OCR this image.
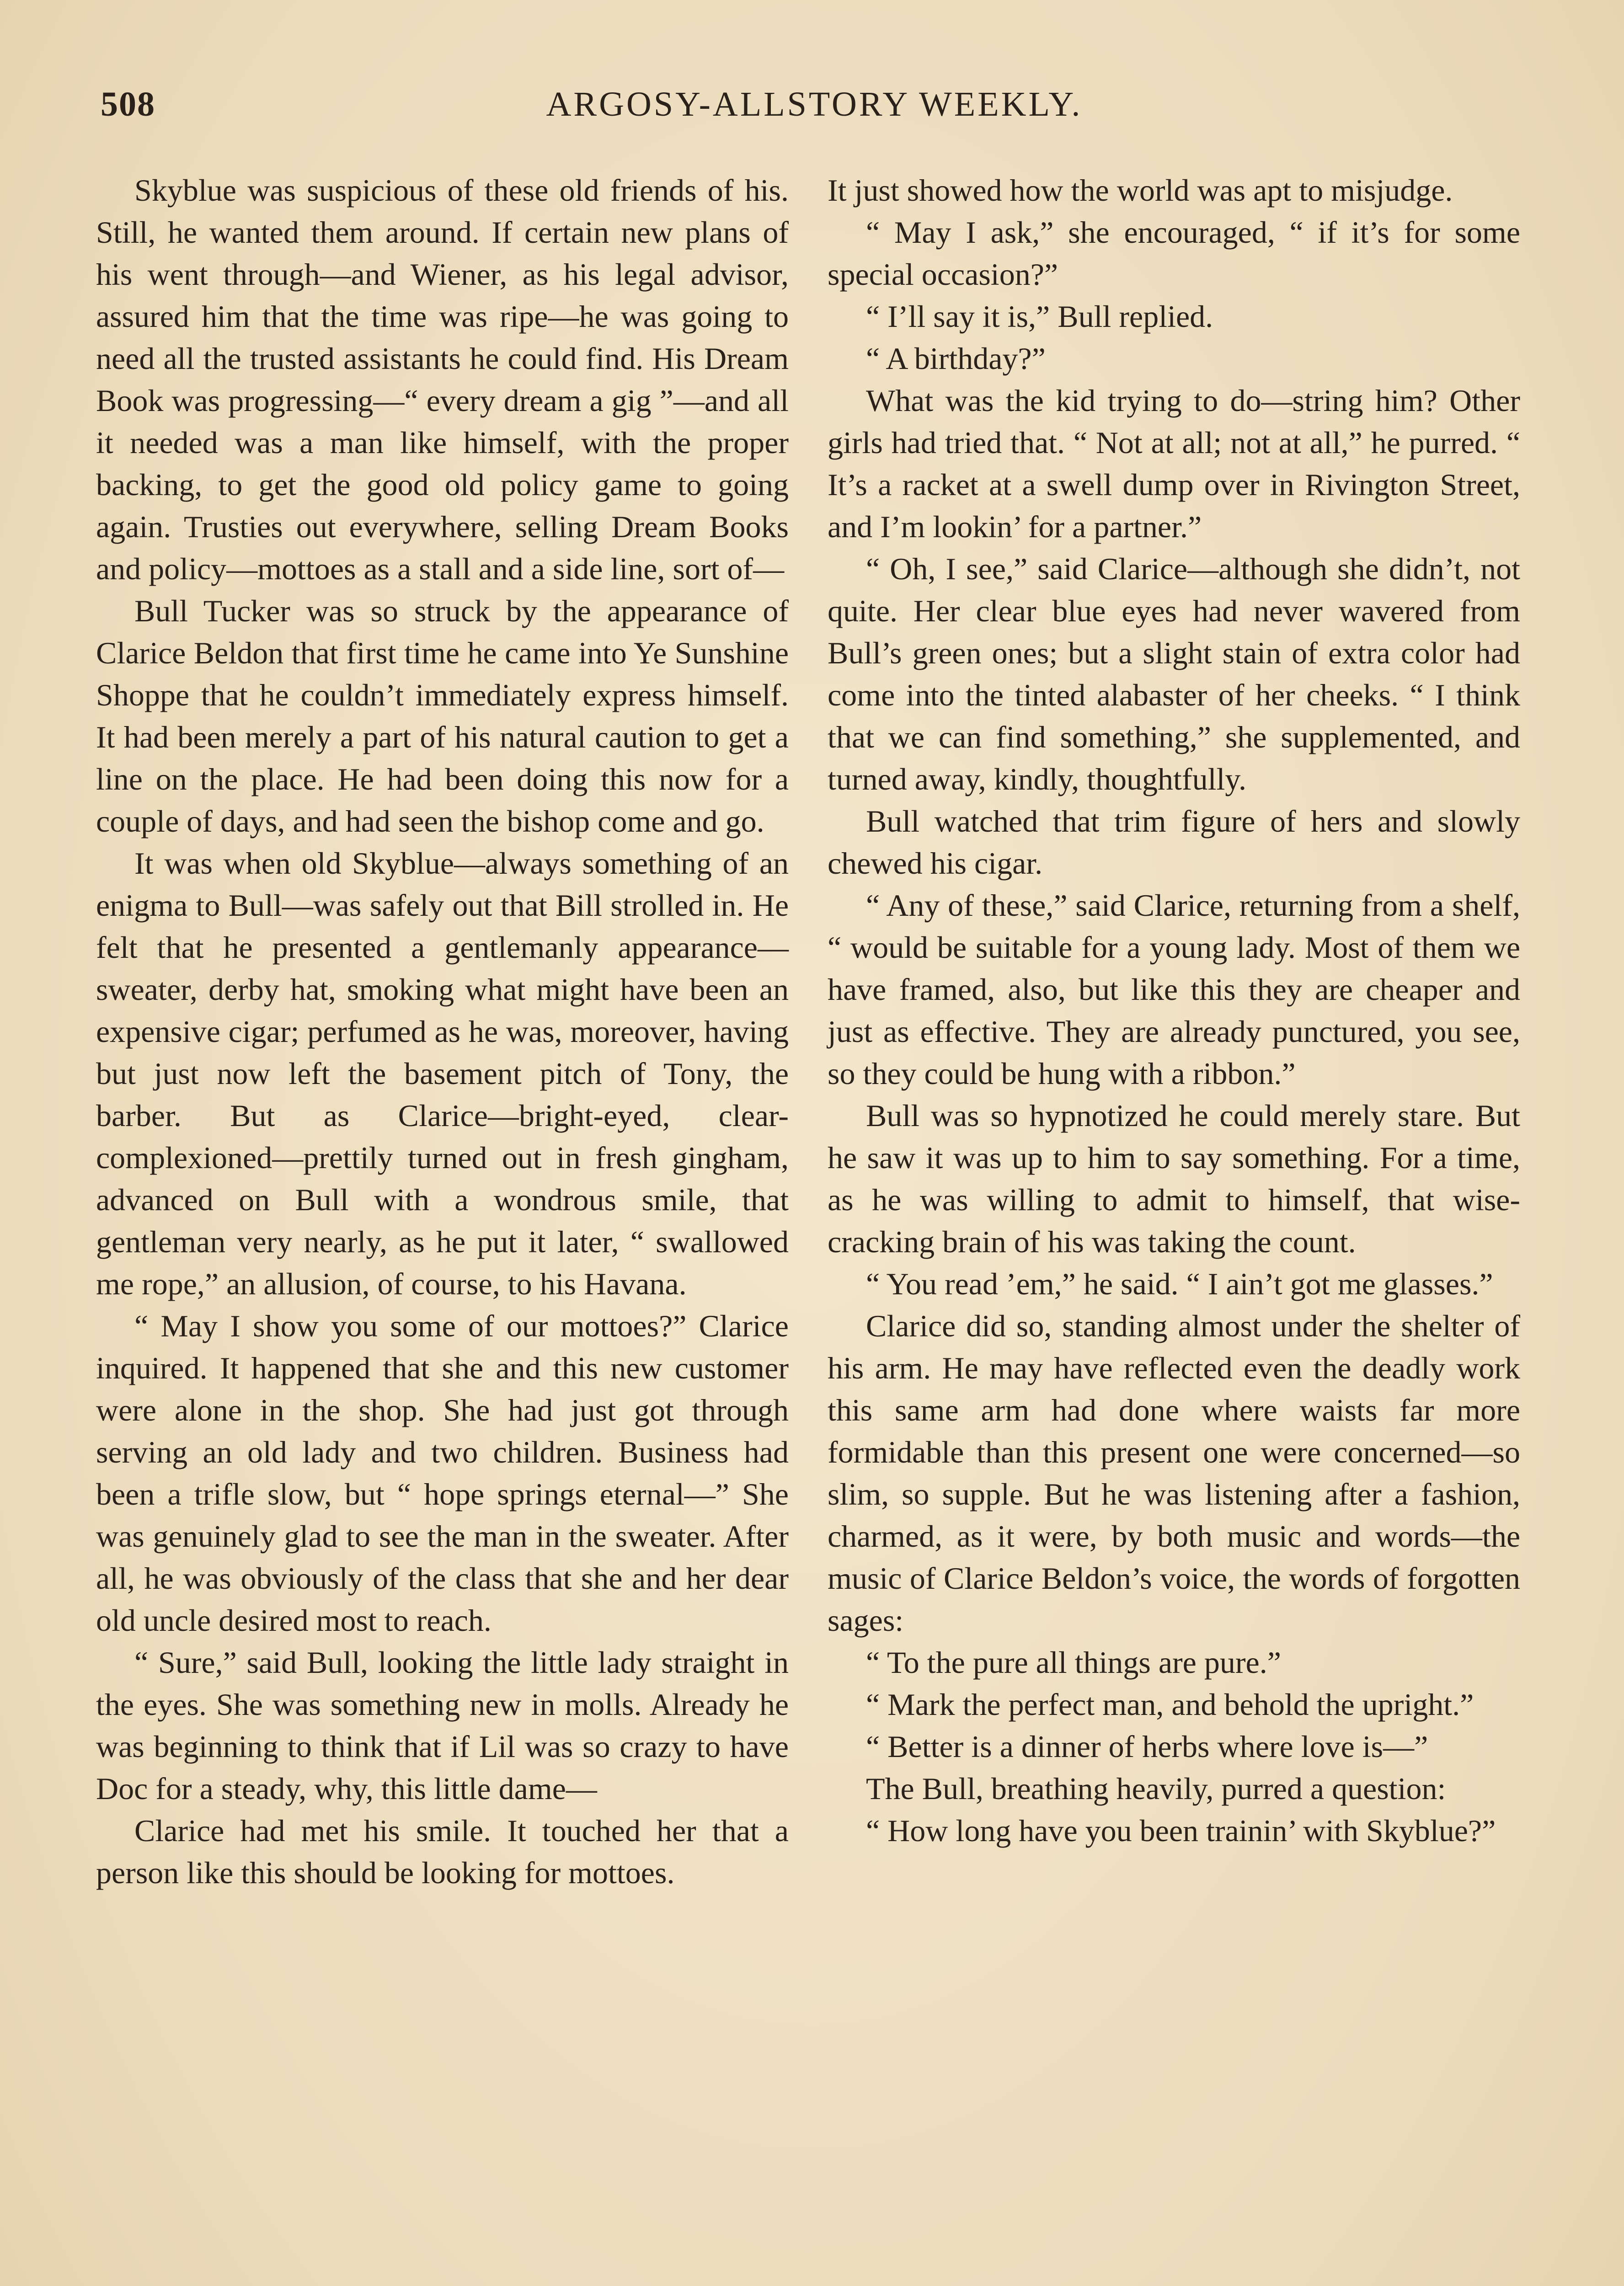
508	ARGOSY-ALLSTORY WEEKLY.

Skyblue was suspicious of these old friends of his. Still, he wanted them around. If certain new plans of his went through—and Wiener, as his legal advisor, assured him that the time was ripe—he was going to need all the trusted assistants he could find. His Dream Book was progressing—“ every dream a gig ”—and all it needed was a man like himself, with the proper backing, to get the good old policy game to going again. Trusties out everywhere, selling Dream Books and policy—mottoes as a stall and a side line, sort of—

Bull Tucker was so struck by the appearance of Clarice Beldon that first time he came into Ye Sunshine Shoppe that he couldn’t immediately express himself. It had been merely a part of his natural caution to get a line on the place. He had been doing this now for a couple of days, and had seen the bishop come and go.

It was when old Skyblue—always something of an enigma to Bull—was safely out that Bill strolled in. He felt that he presented a gentlemanly appearance—sweater, derby hat, smoking what might have been an expensive cigar; perfumed as he was, moreover, having but just now left the basement pitch of Tony, the barber. But as Clarice—bright-eyed, clear-complexioned—prettily turned out in fresh gingham, advanced on Bull with a wondrous smile, that gentleman very nearly, as he put it later, “ swallowed me rope,” an allusion, of course, to his Havana.

“ May I show you some of our mottoes?” Clarice inquired. It happened that she and this new customer were alone in the shop. She had just got through serving an old lady and two children. Business had been a trifle slow, but “ hope springs eternal—” She was genuinely glad to see the man in the sweater. After all, he was obviously of the class that she and her dear old uncle desired most to reach.

“ Sure,” said Bull, looking the little lady straight in the eyes. She was something new in molls. Already he was beginning to think that if Lil was so crazy to have Doc for a steady, why, this little dame—

Clarice had met his smile. It touched her that a person like this should be looking for mottoes.

It just showed how the world was apt to misjudge.

“ May I ask,” she encouraged, “ if it’s for some special occasion?”

“ I’ll say it is,” Bull replied.

“ A birthday?”

What was the kid trying to do—string him? Other girls had tried that. “ Not at all; not at all,” he purred. “ It’s a racket at a swell dump over in Rivington Street, and I’m lookin’ for a partner.”

“ Oh, I see,” said Clarice—although she didn’t, not quite. Her clear blue eyes had never wavered from Bull’s green ones; but a slight stain of extra color had come into the tinted alabaster of her cheeks. “ I think that we can find something,” she supplemented, and turned away, kindly, thoughtfully.

Bull watched that trim figure of hers and slowly chewed his cigar.

“ Any of these,” said Clarice, returning from a shelf, “ would be suitable for a young lady. Most of them we have framed, also, but like this they are cheaper and just as effective. They are already punctured, you see, so they could be hung with a ribbon.”

Bull was so hypnotized he could merely stare. But he saw it was up to him to say something. For a time, as he was willing to admit to himself, that wise-cracking brain of his was taking the count.

“ You read ’em,” he said. “ I ain’t got me glasses.”

Clarice did so, standing almost under the shelter of his arm. He may have reflected even the deadly work this same arm had done where waists far more formidable than this present one were concerned—so slim, so supple. But he was listening after a fashion, charmed, as it were, by both music and words—the music of Clarice Beldon’s voice, the words of forgotten sages:

“ To the pure all things are pure.”

“ Mark the perfect man, and behold the upright.”

“ Better is a dinner of herbs where love is—”

The Bull, breathing heavily, purred a question:

“ How long have you been trainin’ with Skyblue?”
